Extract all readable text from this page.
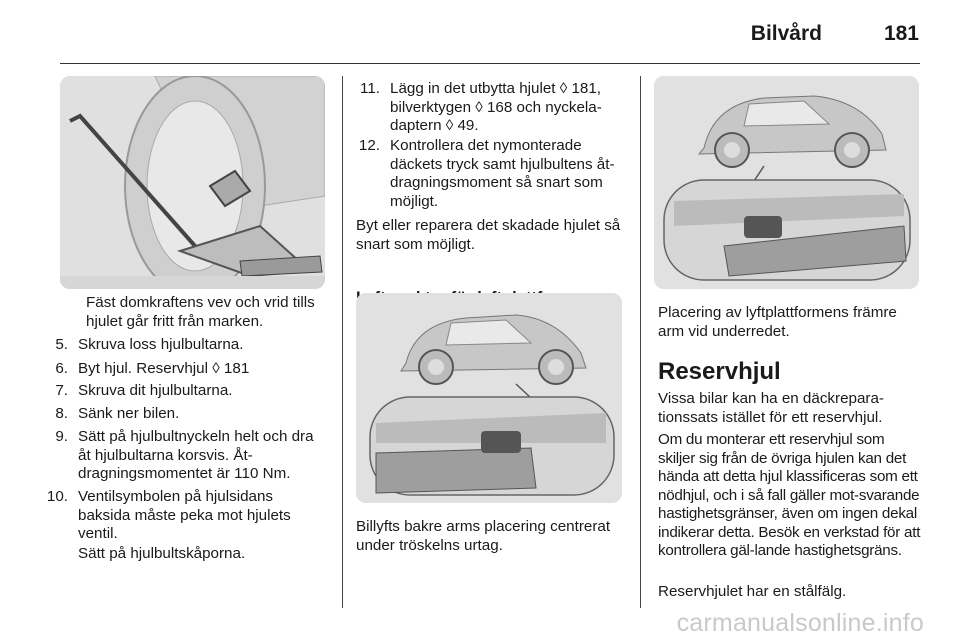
Bilvård	181

Fäst domkraftens vev och vrid tills hjulet går fritt från marken.

5. Skruva loss hjulbultarna.
6. Byt hjul. Reservhjul ◊ 181
7. Skruva dit hjulbultarna.
8. Sänk ner bilen.
9. Sätt på hjulbultnyckeln helt och dra åt hjulbultarna korsvis. Åt-dragningsmomentet är 110 Nm.
10. Ventilsymbolen på hjulsidans baksida måste peka mot hjulets ventil.

Sätt på hjulbultskåporna.

11. Lägg in det utbytta hjulet ◊ 181, bilverktygen ◊ 168 och nyckela-daptern ◊ 49.
12. Kontrollera det nymonterade däckets tryck samt hjulbultens åt-dragningsmoment så snart som möjligt.

Byt eller reparera det skadade hjulet så snart som möjligt.

Billyfts bakre arms placering centrerat under tröskelns urtag.

Placering av lyftplattformens främre arm vid underredet.

Reservhjul

Vissa bilar kan ha en däckrepara-tionssats istället för ett reservhjul.

Om du monterar ett reservhjul som skiljer sig från de övriga hjulen kan det hända att detta hjul klassificeras som ett nödhjul, och i så fall gäller mot-svarande hastighetsgränser, även om ingen dekal indikerar detta. Besök en verkstad för att kontrollera gäl-lande hastighetsgräns.

Reservhjulet har en stålfälg.

carmanualsonline.info
